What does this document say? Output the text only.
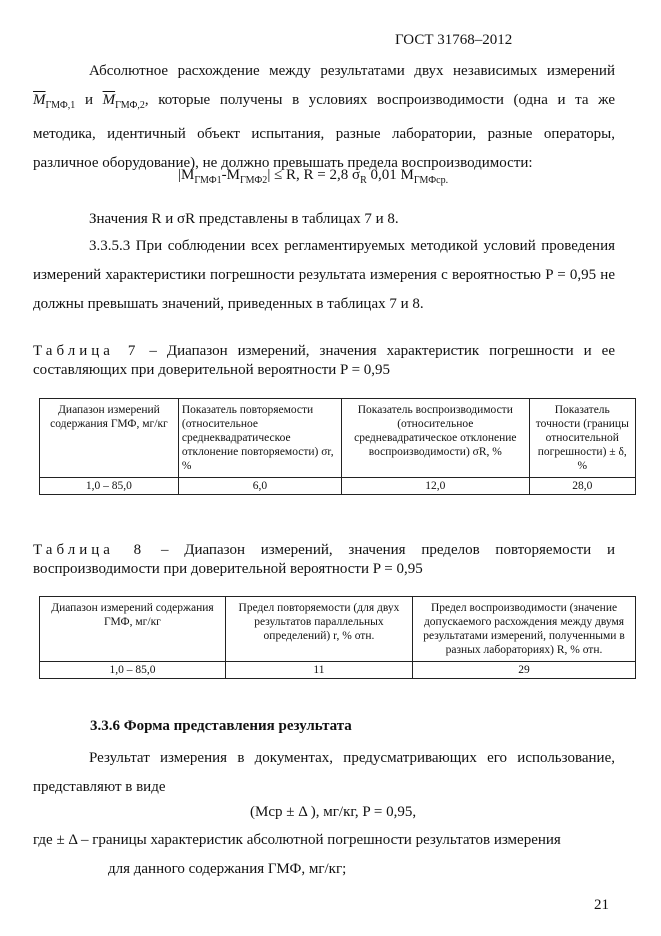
ГОСТ 31768–2012
Абсолютное расхождение между результатами двух независимых измерений $\overline{M}_{ГМФ,1}$ и $\overline{M}_{ГМФ,2}$, которые получены в условиях воспроизводимости (одна и та же методика, идентичный объект испытания, разные лаборатории, разные операторы, различное оборудование), не должно превышать предела воспроизводимости:
$|M_{ГМФ1}-M_{ГМФ2}| \le R$, R = 2,8 $\sigma_R$ 0,01 $M_{ГМФср.}$
Значения R и σR представлены в таблицах 7 и 8.
3.3.5.3 При соблюдении всех регламентируемых методикой условий проведения измерений характеристики погрешности результата измерения с вероятностью P = 0,95 не должны превышать значений, приведенных в таблицах 7 и 8.
Таблица 7 – Диапазон измерений, значения характеристик погрешности и ее составляющих при доверительной вероятности P = 0,95
Диапазон измерений содержания ГМФ, мг/кг	Показатель повторяемости (относительное среднеквадратическое отклонение повторяемости) σr, %	Показатель воспроизводимости (относительное средневадратическое отклонение воспроизводимости) σR, %	Показатель точности (границы относительной погрешности) ± δ, %
1,0 – 85,0	6,0	12,0	28,0
Таблица 8 – Диапазон измерений, значения пределов повторяемости и воспроизводимости при доверительной вероятности P = 0,95
Диапазон измерений содержания ГМФ, мг/кг	Предел повторяемости (для двух результатов параллельных определений) r, % отн.	Предел воспроизводимости (значение допускаемого расхождения между двумя результатами измерений, полученными в разных лабораториях) R, % отн.
1,0 – 85,0	11	29
3.3.6 Форма представления результата
Результат измерения в документах, предусматривающих его использование, представляют в виде
(Mср ± Δ ), мг/кг, P = 0,95,
где ± Δ – границы характеристик абсолютной погрешности результатов измерения
для данного содержания ГМФ, мг/кг;
21
